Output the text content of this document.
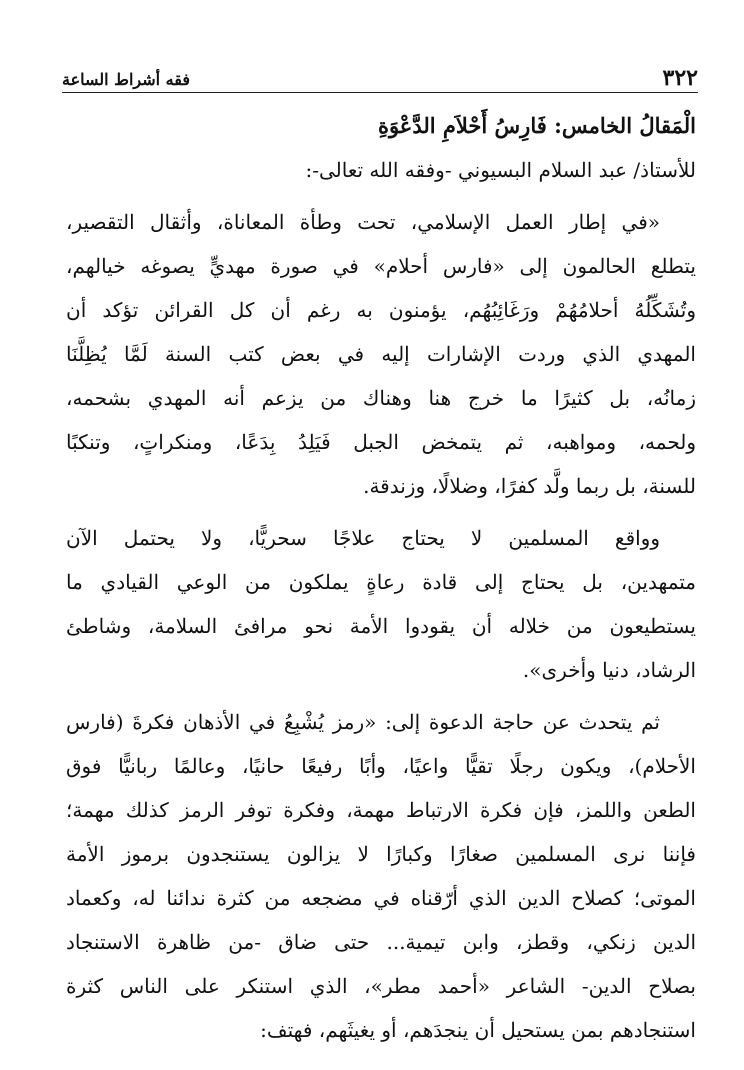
٣٢٢
فقه أشراط الساعة
الْمَقالُ الخامس: فَارِسُ أَحْلاَمِ الدَّعْوَةِ
للأستاذ/ عبد السلام البسيوني -وفقه الله تعالى-:
«في إطار العمل الإسلامي، تحت وطأة المعاناة، وأثقال التقصير،
يتطلع الحالمون إلى «فارس أحلام» في صورة مهديٍّ يصوغه خيالهم،
وتُشَكِّلُهُ أحلامُهُمْ ورَغَائِبُهُم، يؤمنون به رغم أن كل القرائن تؤكد أن
المهدي الذي وردت الإشارات إليه في بعض كتب السنة لَمَّا يُظِلَّنَا
زمانُه، بل كثيرًا ما خرج هنا وهناك من يزعم أنه المهدي بشحمه،
ولحمه، ومواهبه، ثم يتمخض الجبل فَيَلِدُ بِدَعًا، ومنكراتٍ، وتنكبًا
للسنة، بل ربما ولَّد كفرًا، وضلالًا، وزندقة.
وواقع المسلمين لا يحتاج علاجًا سحريًّا، ولا يحتمل الآن
متمهدين، بل يحتاج إلى قادة رعاةٍ يملكون من الوعي القيادي ما
يستطيعون من خلاله أن يقودوا الأمة نحو مرافئ السلامة، وشاطئ
الرشاد، دنيا وأخرى».
ثم يتحدث عن حاجة الدعوة إلى: «رمز يُشْبِعُ في الأذهان فكرةَ (فارس
الأحلام)، ويكون رجلًا تقيًّا واعيًا، وأبًا رفيعًا حانيًا، وعالمًا ربانيًّا فوق
الطعن واللمز، فإن فكرة الارتباط مهمة، وفكرة توفر الرمز كذلك مهمة؛
فإننا نرى المسلمين صغارًا وكبارًا لا يزالون يستنجدون برموز الأمة
الموتى؛ كصلاح الدين الذي أرّقناه في مضجعه من كثرة ندائنا له، وكعماد
الدين زنكي، وقطز، وابن تيمية... حتى ضاق -من ظاهرة الاستنجاد
بصلاح الدين- الشاعر «أحمد مطر»، الذي استنكر على الناس كثرة
استنجادهم بمن يستحيل أن ينجدَهم، أو يغيثَهم، فهتف:
